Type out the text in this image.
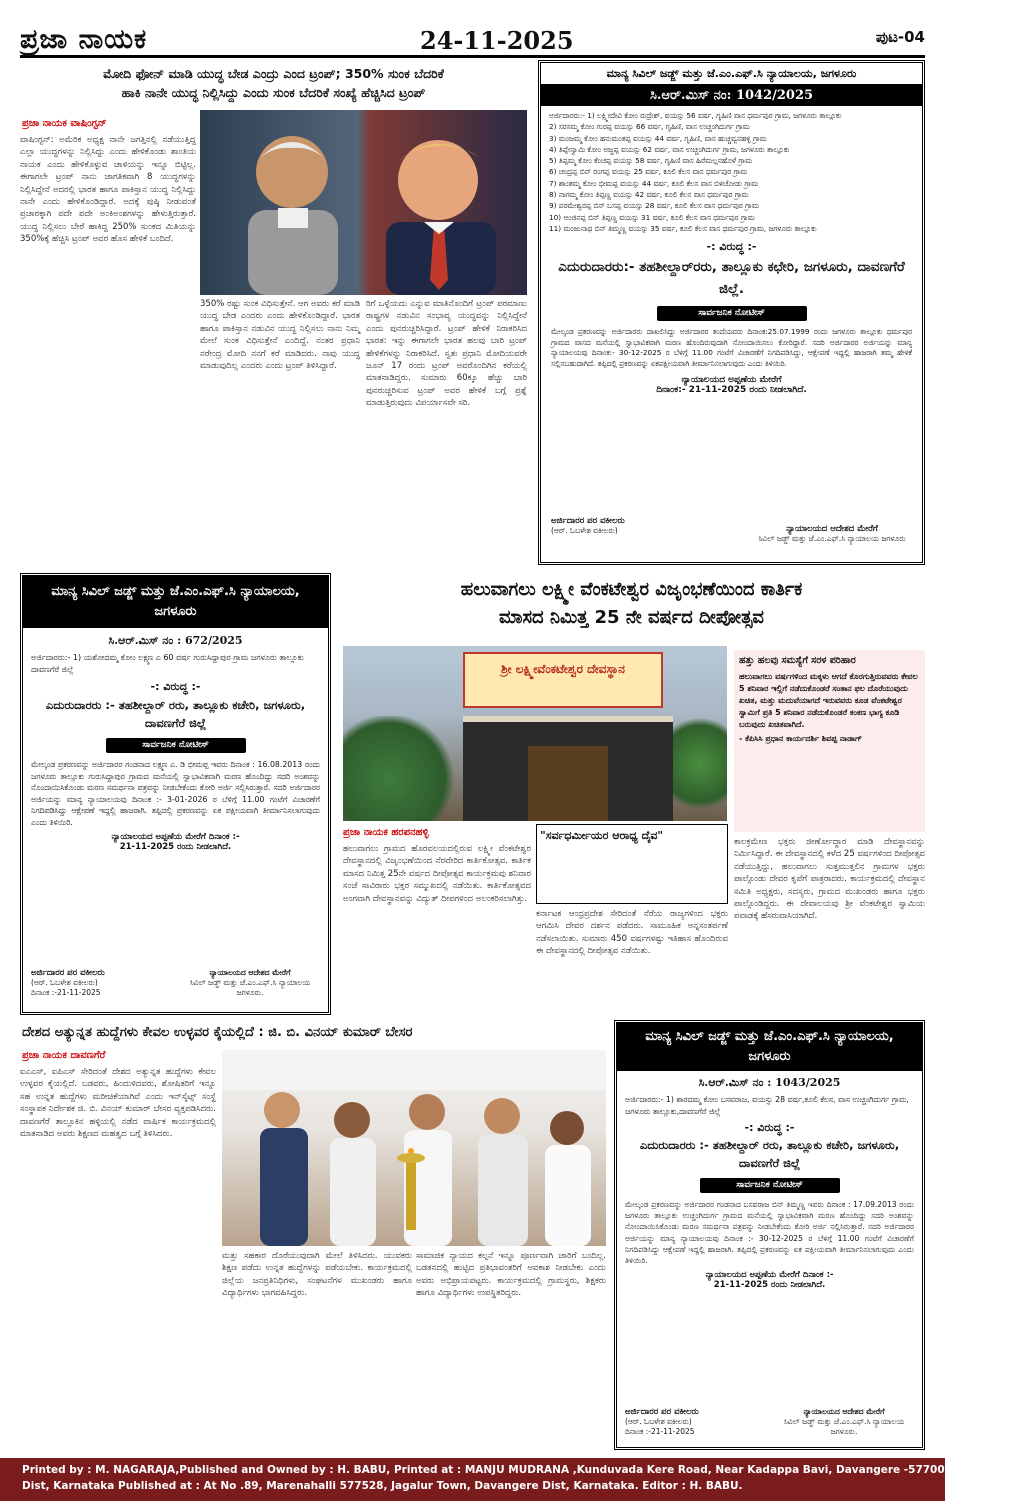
ಪ್ರಜಾ ನಾಯಕ	24-11-2025	ಪುಟ-04
ಮೋದಿ ಫೋನ್ ಮಾಡಿ ಯುದ್ಧ ಬೇಡ ಎಂದ್ರು ಎಂದ ಟ್ರಂಪ್; 350% ಸುಂಕ ಬೆದರಿಕೆ
ಹಾಕಿ ನಾನೇ ಯುದ್ಧ ನಿಲ್ಲಿಸಿದ್ದು ಎಂದು ಸುಂಕ ಬೆದರಿಕೆ ಸಂಖ್ಯೆ ಹೆಚ್ಚಿಸಿದ ಟ್ರಂಪ್
ಪ್ರಜಾ ನಾಯಕ ವಾಷಿಂಗ್ಟನ್
ವಾಷಿಂಗ್ಟನ್: ಅಮೆರಿಕ ಅಧ್ಯಕ್ಷ ನಾನೇ ಜಗತ್ತಿನಲ್ಲಿ ನಡೆಯುತ್ತಿದ್ದ ಎಲ್ಲಾ ಯುದ್ಧಗಳನ್ನು ನಿಲ್ಲಿಸಿದ್ದು ಎಂದು ಹೇಳಿಕೊಂಡು ಶಾಂತಿಯ ನಾಯಕ ಎಂದು ಹೇಳಿಕೊಳ್ಳುವ ಚಾಳಿಯನ್ನು ಇನ್ನೂ ಬಿಟ್ಟಿಲ್ಲ. ಈಗಾಗಲೇ ಟ್ರಂಪ್ ನಾನು ಜಾಗತಿಕವಾಗಿ 8 ಯುದ್ಧಗಳನ್ನು ನಿಲ್ಲಿಸಿದ್ದೇನೆ ಅದರಲ್ಲಿ ಭಾರತ ಹಾಗೂ ಪಾಕಿಸ್ತಾನ ಯುದ್ಧ ನಿಲ್ಲಿಸಿದ್ದು ನಾನೇ ಎಂದು ಹೇಳಿಕೊಂಡಿದ್ದಾರೆ. ಅದಕ್ಕೆ ಪುಷ್ಠಿ ನೀಡುವಂತೆ ಪ್ರಚಾರಕ್ಕಾಗಿ ಪದೇ ಪದೇ ಅಂಕಿಅಂಶಗಳನ್ನು ಹೇಳುತ್ತಿರುತ್ತಾರೆ. ಯುದ್ಧ ನಿಲ್ಲಿಸಲು ಬೇರೆ ಹಾಕಿದ್ದ 250% ಸುಂಕದ ಮಿತಿಯನ್ನು 350%ಕ್ಕೆ ಹೆಚ್ಚಿಸಿ ಟ್ರಂಪ್ ಅವರ ಹೊಸ ಹೇಳಿಕೆ ಬಂದಿದೆ.
350% ರಷ್ಟು ಸುಂಕ ವಿಧಿಸುತ್ತೇನೆ. ಆಗ ಅವರು ಕರೆ ಮಾಡಿ ಯುದ್ಧ ಬೇಡ ಎಂದರು ಎಂದು ಹೇಳಿಕೊಂಡಿದ್ದಾರೆ. ಭಾರತ ಹಾಗೂ ಪಾಕಿಸ್ತಾನ ನಡುವಿನ ಯುದ್ಧ ನಿಲ್ಲಿಸಲು ನಾನು ನಿಮ್ಮ ಮೇಲೆ ಸುಂಕ ವಿಧಿಸುತ್ತೇನೆ ಎಂದಿದ್ದೆ. ನಂತರ ಪ್ರಧಾನಿ ನರೇಂದ್ರ ಮೋದಿ ನನಗೆ ಕರೆ ಮಾಡಿದರು. ನಾವು ಯುದ್ಧ ಮಾಡುವುದಿಲ್ಲ ಎಂದರು ಎಂದು ಟ್ರಂಪ್ ತಿಳಿಸಿದ್ದಾರೆ.
ರಿಗೆ ಒಳ್ಳೆಯದು ಎನ್ನುವ ಮಾತಿನೊಂದಿಗೆ ಟ್ರಂಪ್ ಪರಮಾಣು ರಾಷ್ಟ್ರಗಳ ನಡುವಿನ ಸಂಭಾವ್ಯ ಯುದ್ಧವನ್ನು ನಿಲ್ಲಿಸಿದ್ದೇನೆ ಎಂದು ಪುನರುಚ್ಚರಿಸಿದ್ದಾರೆ. ಟ್ರಂಪ್ ಹೇಳಿಕೆ ನಿರಾಕರಿಸಿದ ಭಾರತ: ಇನ್ನು ಈಗಾಗಲೇ ಭಾರತ ಹಲವು ಬಾರಿ ಟ್ರಂಪ್ ಹೇಳಿಕೆಗಳನ್ನು ನಿರಾಕರಿಸಿದೆ. ಸ್ವತಃ ಪ್ರಧಾನಿ ಮೋದಿಯವರೇ ಜೂನ್ 17 ರಂದು ಟ್ರಂಪ್ ಅವರೊಂದಿಗಿನ ಕರೆಯಲ್ಲಿ ಮಾತನಾಡಿದ್ದರು. ಸುಮಾರು 60ಕ್ಕೂ ಹೆಚ್ಚು ಬಾರಿ ಪುನರುಚ್ಚರಿಸುವ ಟ್ರಂಪ್ ಅವರ ಹೇಳಿಕೆ ಬಗ್ಗೆ ಪ್ರಶ್ನೆ ಮಾಡುತ್ತಿರುವುದು ವಿಪರ್ಯಾಸವೇ ಸರಿ.
ಮಾನ್ಯ ಸಿವಿಲ್ ಜಡ್ಜ್ ಮತ್ತು ಜೆ.ಎಂ.ಎಫ್.ಸಿ ನ್ಯಾಯಾಲಯ, ಜಗಳೂರು
ಸಿ.ಆರ್.ಮಿಸ್ ನಂ: 1042/2025
ಅರ್ಜಿದಾರರು:- 1) ಲಕ್ಷ್ಮೀದೇವಿ ಕೋಂ ರುದ್ರೇಶ್, ವಯಸ್ಸು 56 ವರ್ಷ, ಗೃಹಿಣಿ ವಾಸ ಧರ್ಮಪುರ ಗ್ರಾಮ, ಜಗಳೂರು ತಾಲ್ಲೂಕು
2) ಸರಸಮ್ಮ ಕೋಂ ಗುರಪ್ಪ ವಯಸ್ಸು 66 ವರ್ಷ, ಗೃಹಿಣಿ, ವಾಸ ಉಚ್ಚಂಗಿದುರ್ಗ ಗ್ರಾಮ
3) ಮಂಜಮ್ಮ ಕೋಂ ಹನುಮಂತಪ್ಪ ವಯಸ್ಸು 44 ವರ್ಷ, ಗೃಹಿಣಿ, ವಾಸ ಹುಚ್ಚವ್ವನಹಳ್ಳಿ ಗ್ರಾಮ
4) ತಿಪ್ಪೇಸ್ವಾಮಿ ಕೋಂ ಅಜ್ಜಪ್ಪ ವಯಸ್ಸು 62 ವರ್ಷ, ವಾಸ ಉಚ್ಚಂಗಿದುರ್ಗ ಗ್ರಾಮ, ಜಗಳೂರು ತಾಲ್ಲೂಕು
5) ತಿಪ್ಪಮ್ಮ ಕೋಂ ಕೆಂಚಪ್ಪ ವಯಸ್ಸು 58 ವರ್ಷ, ಗೃಹಿಣಿ ವಾಸ ಹಿರೆಮಲ್ಲನಹೊಳೆ ಗ್ರಾಮ
6) ಚಂದ್ರಪ್ಪ ಬಿನ್ ರಂಗಪ್ಪ ವಯಸ್ಸು 25 ವರ್ಷ, ಕೂಲಿ ಕೆಲಸ ವಾಸ ಧರ್ಮಪುರ ಗ್ರಾಮ
7) ಶಾಂತಮ್ಮ ಕೋಂ ಭೀಮಪ್ಪ ವಯಸ್ಸು 44 ವರ್ಷ, ಕೂಲಿ ಕೆಲಸ ವಾಸ ಬಿಳಿಚೋಡು ಗ್ರಾಮ
8) ನಾಗಮ್ಮ ಕೋಂ ತಿಪ್ಪಣ್ಣ ವಯಸ್ಸು 42 ವರ್ಷ, ಕೂಲಿ ಕೆಲಸ ವಾಸ ಧರ್ಮಪುರ ಗ್ರಾಮ
9) ಪರಮೇಶ್ವರಪ್ಪ ಬಿನ್ ಬಸಪ್ಪ ವಯಸ್ಸು 28 ವರ್ಷ, ಕೂಲಿ ಕೆಲಸ ವಾಸ ಧರ್ಮಪುರ ಗ್ರಾಮ
10) ಅಂಜಿನಪ್ಪ ಬಿನ್ ತಿಪ್ಪಣ್ಣ ವಯಸ್ಸು 31 ವರ್ಷ, ಕೂಲಿ ಕೆಲಸ ವಾಸ ಧರ್ಮಪುರ ಗ್ರಾಮ
11) ಮಂಜುನಾಥ ಬಿನ್ ತಿಮ್ಮಣ್ಣ ವಯಸ್ಸು 35 ವರ್ಷ, ಕೂಲಿ ಕೆಲಸ ವಾಸ ಧರ್ಮಪುರ ಗ್ರಾಮ, ಜಗಳೂರು ತಾಲ್ಲೂಕು
-: ವಿರುದ್ಧ :-
ಎದುರುದಾರರು:- ತಹಶೀಲ್ದಾರ್‌ರರು, ತಾಲ್ಲೂಕು ಕಛೇರಿ, ಜಗಳೂರು, ದಾವಣಗೆರೆ ಜಿಲ್ಲೆ.
ಸಾರ್ವಜನಿಕ ನೋಟೀಸ್
ಮೇಲ್ಕಂಡ ಪ್ರಕರಣವನ್ನು ಅರ್ಜಿದಾರರು ದಾಖಲಿಸಿದ್ದು ಅರ್ಜಿದಾರರ ತಂದೆಯವರು ದಿನಾಂಕ:25.07.1999 ರಂದು ಜಗಳೂರು ತಾಲ್ಲೂಕು ಧರ್ಮಪುರ ಗ್ರಾಮದ ವಾಸದ ಮನೆಯಲ್ಲಿ ಸ್ವಾಭಾವಿಕವಾಗಿ ಮರಣ ಹೊಂದಿರುವುದಾಗಿ ನೋಂದಾಯಿಸಲು ಕೋರಿದ್ದಾರೆ. ಸದರಿ ಅರ್ಜಿದಾರರ ಅರ್ಜಿಯನ್ನು ಮಾನ್ಯ ನ್ಯಾಯಾಲಯವು ದಿನಾಂಕ:- 30-12-2025 ರ ಬೆಳಿಗ್ಗೆ 11.00 ಗಂಟೆಗೆ ವಿಚಾರಣೆಗೆ ನಿಗದಿಪಡಿಸಿದ್ದು, ಆಕ್ಷೇಪಣೆ ಇದ್ದಲ್ಲಿ ಹಾಜರಾಗಿ ತಮ್ಮ ಹೇಳಿಕೆ ಸಲ್ಲಿಸಬಹುದಾಗಿದೆ. ತಪ್ಪಿದಲ್ಲಿ ಪ್ರಕರಣವನ್ನು ಏಕಪಕ್ಷೀಯವಾಗಿ ತೀರ್ಮಾನಿಸಲಾಗುವುದು ಎಂದು ತಿಳಿಯಿರಿ.
ನ್ಯಾಯಾಲಯದ ಅಪ್ಪಣೆಯ ಮೇರೆಗೆ
ದಿನಾಂಕ:- 21-11-2025 ರಂದು ನೀಡಲಾಗಿದೆ.
ಅರ್ಜಿದಾರರ ಪರ ವಕೀಲರು
(ಆರ್. ಓಬಳೇಶ ವಕೀಲರು)	ನ್ಯಾಯಾಲಯದ ಆದೇಶದ ಮೇರೆಗೆ
ಸಿವಿಲ್ ಜಡ್ಜ್ ಮತ್ತು ಜೆ.ಎಂ.ಎಫ್.ಸಿ ನ್ಯಾಯಾಲಯ ಜಗಳೂರು
ಮಾನ್ಯ ಸಿವಿಲ್ ಜಡ್ಜ್ ಮತ್ತು ಜೆ.ಎಂ.ಎಫ್.ಸಿ ನ್ಯಾಯಾಲಯ, ಜಗಳೂರು
ಸಿ.ಆರ್.ಮಿಸ್ ನಂ : 672/2025
ಅರ್ಜಿದಾರರು:- 1) ಯಶೋದಮ್ಮ ಕೋಂ ಲಕ್ಷ್ಮಣ ಎ 60 ವರ್ಷ ಗುರುಸಿದ್ದಾಪುರ ಗ್ರಾಮ ಜಗಳೂರು ತಾಲ್ಲೂಕು ದಾವಣಗೆರೆ ಜಿಲ್ಲೆ
-: ವಿರುದ್ಧ :-
ಎದುರುದಾರರು :- ತಹಶೀಲ್ದಾರ್ ರರು, ತಾಲ್ಲೂಕು ಕಚೇರಿ, ಜಗಳೂರು, ದಾವಣಗೆರೆ ಜಿಲ್ಲೆ
ಸಾರ್ವಜನಿಕ ನೋಟೀಸ್
ಮೇಲ್ಕಂಡ ಪ್ರಕರಣವನ್ನು ಅರ್ಜಿದಾರರ ಗಂಡನಾದ ಲಕ್ಷ್ಮಣ ಎ. ಡಿ ಭೀಮಪ್ಪ ಇವರು ದಿನಾಂಕ : 16.08.2013 ರಂದು ಜಗಳೂರು ತಾಲ್ಲೂಕು ಗುರುಸಿದ್ದಾಪುರ ಗ್ರಾಮದ ಮನೆಯಲ್ಲಿ ಸ್ವಾಭಾವಿಕವಾಗಿ ಮರಣ ಹೊಂದಿದ್ದು ಸದರಿ ಅಂಶವನ್ನು ನೊಂದಾಯಿಸಿಕೊಂಡು ಮರಣ ಸಮರ್ಥನಾ ಪತ್ರವನ್ನು ನೀಡಬೇಕೆಂದು ಕೋರಿ ಅರ್ಜಿ ಸಲ್ಲಿಸಿರುತ್ತಾರೆ. ಸದರಿ ಅರ್ಜಿದಾರರ ಅರ್ಜಿಯನ್ನು ಮಾನ್ಯ ನ್ಯಾಯಾಲಯವು ದಿನಾಂಕ :- 3-01-2026 ರ ಬೆಳಿಗ್ಗೆ 11.00 ಗಂಟೆಗೆ ವಿಚಾರಣೆಗೆ ನಿಗದಿಪಡಿಸಿದ್ದು ಆಕ್ಷೇಪಣೆ ಇದ್ದಲ್ಲಿ ಹಾಜರಾಗಿ. ತಪ್ಪಿದಲ್ಲಿ ಪ್ರಕರಣವನ್ನು ಏಕ ಪಕ್ಷೀಯವಾಗಿ ತೀರ್ಮಾನಿಸಲಾಗುವುದು ಎಂದು ತಿಳಿಯಿರಿ.
ನ್ಯಾಯಾಲಯದ ಅಪ್ಪಣೆಯ ಮೇರೆಗೆ ದಿನಾಂಕ :-
21-11-2025 ರಂದು ನೀಡಲಾಗಿದೆ.
ಅರ್ಜಿದಾರರ ಪರ ವಕೀಲರು
(ಆರ್. ಓಬಳೇಶ ವಕೀಲರು)
ದಿನಾಂಕ :-21-11-2025
ನ್ಯಾಯಾಲಯದ ಆದೇಶದ ಮೇರೆಗೆ
ಸಿವಿಲ್ ಜಡ್ಜ್ ಮತ್ತು ಜೆ.ಎಂ.ಎಫ್.ಸಿ ನ್ಯಾಯಾಲಯ ಜಗಳೂರು.
ಹಲುವಾಗಲು ಲಕ್ಷ್ಮೀ ವೆಂಕಟೇಶ್ವರ ವಿಜೃಂಭಣೆಯಿಂದ ಕಾರ್ತಿಕ
ಮಾಸದ ನಿಮಿತ್ತ 25 ನೇ ವರ್ಷದ ದೀಪೋತ್ಸವ
ಶ್ರೀ ಲಕ್ಷ್ಮೀವೆಂಕಟೇಶ್ವರ ದೇವಸ್ಥಾನ
ಪ್ರಜಾ ನಾಯಕ ಹರಪನಹಳ್ಳಿ
ಹಲುವಾಗಲು ಗ್ರಾಮದ ಹೊರವಲಯದಲ್ಲಿರುವ ಲಕ್ಷ್ಮೀ ವೆಂಕಟೇಶ್ವರ ದೇವಸ್ಥಾನದಲ್ಲಿ ವಿಜೃಂಭಣೆಯಿಂದ ನೆರವೇರಿದ ಕಾರ್ತಿಕೋತ್ಸವ. ಕಾರ್ತಿಕ ಮಾಸದ ನಿಮಿತ್ತ 25ನೇ ವರ್ಷದ ದೀಪೋತ್ಸವ ಕಾರ್ಯಕ್ರಮವು ಶನಿವಾರ ಸಂಜೆ ಸಾವಿರಾರು ಭಕ್ತರ ಸಮ್ಮುಖದಲ್ಲಿ ನಡೆಯಿತು. ಕಾರ್ತಿಕೋತ್ಸವದ ಅಂಗವಾಗಿ ದೇವಸ್ಥಾನವನ್ನು ವಿದ್ಯುತ್ ದೀಪಗಳಿಂದ ಅಲಂಕರಿಸಲಾಗಿತ್ತು.
"ಸರ್ವಧರ್ಮೀಯರ ಆರಾಧ್ಯ ದೈವ"
ಕರ್ನಾಟಕ ಆಂಧ್ರಪ್ರದೇಶ ಸೇರಿದಂತೆ ನೆರೆಯ ರಾಜ್ಯಗಳಿಂದ ಭಕ್ತರು ಆಗಮಿಸಿ ದೇವರ ದರ್ಶನ ಪಡೆದರು. ಸಾಮೂಹಿಕ ಅನ್ನಸಂತರ್ಪಣೆ ನಡೆಸಲಾಯಿತು. ಸುಮಾರು 450 ವರ್ಷಗಳಷ್ಟು ಇತಿಹಾಸ ಹೊಂದಿರುವ ಈ ದೇವಸ್ಥಾನದಲ್ಲಿ ದೀಪೋತ್ಸವ ನಡೆಯಿತು.
ಹತ್ತು ಹಲವು ಸಮಸ್ಯೆಗೆ ಸರಳ ಪರಿಹಾರ
ಹಲುವಾಗಲು ವರ್ಷಗಳಿಂದ ಮಕ್ಕಳು ಆಗದೆ ಕೊರಗುತ್ತಿರುವವರು ಕೇವಲ 5 ಶನಿವಾರ ಇಲ್ಲಿಗೆ ನಡೆದುಕೊಂಡರೆ ಸಂತಾನ ಫಲ ದೊರೆಯುವುದು ಖಚಿತ, ಮತ್ತು ಮದುವೆಯಾಗದೆ ಇರುವವರು ಕೂಡ ವೆಂಕಟೇಶ್ವರ ಸ್ವಾಮಿಗೆ ಪ್ರತಿ 5 ಶನಿವಾರ ನಡೆದುಕೊಂಡರೆ ಕಂಕಣ ಭಾಗ್ಯ ಕೂಡಿ ಬರುವುದು ಖಚಿತವಾಗಿದೆ.
- ಕೆಪಿಸಿಸಿ ಪ್ರಧಾನ ಕಾರ್ಯದರ್ಶಿ ಶಿವಪ್ಪ ನಾಡಾಗ್
ಕಾಲಕ್ರಮೇಣ ಭಕ್ತರು ಜೀರ್ಣೋದ್ಧಾರ ಮಾಡಿ ದೇವಸ್ಥಾನವನ್ನು ನಿರ್ಮಿಸಿದ್ದಾರೆ. ಈ ದೇವಸ್ಥಾನದಲ್ಲಿ ಕಳೆದ 25 ವರ್ಷಗಳಿಂದ ದೀಪೋತ್ಸವ ನಡೆಯುತ್ತಿದ್ದು, ಹಲುವಾಗಲು ಸುತ್ತಮುತ್ತಲಿನ ಗ್ರಾಮಗಳ ಭಕ್ತರು ಪಾಲ್ಗೊಂಡು ದೇವರ ಕೃಪೆಗೆ ಪಾತ್ರರಾದರು. ಕಾರ್ಯಕ್ರಮದಲ್ಲಿ ದೇವಸ್ಥಾನ ಸಮಿತಿ ಅಧ್ಯಕ್ಷರು, ಸದಸ್ಯರು, ಗ್ರಾಮದ ಮುಖಂಡರು ಹಾಗೂ ಭಕ್ತರು ಪಾಲ್ಗೊಂಡಿದ್ದರು. ಈ ದೇವಾಲಯವು ಶ್ರೀ ವೆಂಕಟೇಶ್ವರ ಸ್ವಾಮಿಯ ಪವಾಡಕ್ಕೆ ಹೆಸರುವಾಸಿಯಾಗಿದೆ.
ದೇಶದ ಅತ್ಯುನ್ನತ ಹುದ್ದೆಗಳು ಕೇವಲ ಉಳ್ಳವರ ಕೈಯಲ್ಲಿದೆ : ಜಿ. ಬಿ. ವಿನಯ್ ಕುಮಾರ್ ಬೇಸರ
ಪ್ರಜಾ ನಾಯಕ ದಾವಣಗೆರೆ
ಐಎಎಸ್, ಐಪಿಎಸ್ ಸೇರಿದಂತೆ ದೇಶದ ಅತ್ಯುನ್ನತ ಹುದ್ದೆಗಳು ಕೇವಲ ಉಳ್ಳವರ ಕೈಯಲ್ಲಿದೆ. ಬಡವರು, ಹಿಂದುಳಿದವರು, ಶೋಷಿತರಿಗೆ ಇನ್ನೂ ಸಹ ಉನ್ನತ ಹುದ್ದೆಗಳು ಮರೀಚಿಕೆಯಾಗಿವೆ ಎಂದು ಇನ್‌ಸೈಟ್ಸ್ ಸಂಸ್ಥೆ ಸಂಸ್ಥಾಪಕ ನಿರ್ದೇಶಕ ಜಿ. ಬಿ. ವಿನಯ್ ಕುಮಾರ್ ಬೇಸರ ವ್ಯಕ್ತಪಡಿಸಿದರು. ದಾವಣಗೆರೆ ತಾಲ್ಲೂಕಿನ ಹಳ್ಳಿಯಲ್ಲಿ ನಡೆದ ವಾರ್ಷಿಕ ಕಾರ್ಯಕ್ರಮದಲ್ಲಿ ಮಾತನಾಡಿದ ಅವರು ಶಿಕ್ಷಣದ ಮಹತ್ವದ ಬಗ್ಗೆ ತಿಳಿಸಿದರು.
ಮತ್ತು ಸಹಕಾರ ದೊರೆಯುವುದಾಗಿ ಮೇಲೆ ತಿಳಿಸಿದರು. ಯುವಕರು ಶಿಕ್ಷಣ ಪಡೆದು ಉನ್ನತ ಹುದ್ದೆಗಳನ್ನು ಪಡೆಯಬೇಕು. ಕಾರ್ಯಕ್ರಮದಲ್ಲಿ ಜಿಲ್ಲೆಯ ಜನಪ್ರತಿನಿಧಿಗಳು, ಸಂಘಟನೆಗಳ ಮುಖಂಡರು ಹಾಗೂ ವಿದ್ಯಾರ್ಥಿಗಳು ಭಾಗವಹಿಸಿದ್ದರು.
ಸಾಮಾಜಿಕ ನ್ಯಾಯದ ಕಲ್ಪನೆ ಇನ್ನೂ ಪೂರ್ಣವಾಗಿ ಜಾರಿಗೆ ಬಂದಿಲ್ಲ. ಬಡತನದಲ್ಲಿ ಹುಟ್ಟಿದ ಪ್ರತಿಭಾವಂತರಿಗೆ ಅವಕಾಶ ನೀಡಬೇಕು ಎಂದು ಅವರು ಅಭಿಪ್ರಾಯಪಟ್ಟರು. ಕಾರ್ಯಕ್ರಮದಲ್ಲಿ ಗ್ರಾಮಸ್ಥರು, ಶಿಕ್ಷಕರು ಹಾಗೂ ವಿದ್ಯಾರ್ಥಿಗಳು ಉಪಸ್ಥಿತರಿದ್ದರು.
ಮಾನ್ಯ ಸಿವಿಲ್ ಜಡ್ಜ್ ಮತ್ತು ಜೆ.ಎಂ.ಎಫ್.ಸಿ ನ್ಯಾಯಾಲಯ, ಜಗಳೂರು
ಸಿ.ಆರ್.ಮಿಸ್ ನಂ : 1043/2025
ಅರ್ಜಿದಾರರು:- 1) ಶಾರದಮ್ಮ ಕೋಂ ಬಸವರಾಜ, ವಯಸ್ಸು 28 ವರ್ಷ,ಕೂಲಿ ಕೆಲಸ, ವಾಸ ಉಚ್ಚಂಗಿದುರ್ಗ ಗ್ರಾಮ, ಜಗಳೂರು ತಾಲ್ಲೂಕು,ದಾವಣಗೆರೆ ಜಿಲ್ಲೆ
-: ವಿರುದ್ಧ :-
ಎದುರುದಾರರು :- ತಹಶೀಲ್ದಾರ್ ರರು, ತಾಲ್ಲೂಕು ಕಚೇರಿ, ಜಗಳೂರು, ದಾವಣಗೆರೆ ಜಿಲ್ಲೆ
ಸಾರ್ವಜನಿಕ ನೋಟೀಸ್
ಮೇಲ್ಕಂಡ ಪ್ರಕರಣವನ್ನು ಅರ್ಜಿದಾರರ ಗಂಡನಾದ ಬಸವರಾಜ ಬಿನ್ ತಿಮ್ಮಣ್ಣ ಇವರು ದಿನಾಂಕ : 17.09.2013 ರಂದು ಜಗಳೂರು ತಾಲ್ಲೂಕು ಉಚ್ಚಂಗಿದುರ್ಗ ಗ್ರಾಮದ ಮನೆಯಲ್ಲಿ ಸ್ವಾಭಾವಿಕವಾಗಿ ಮರಣ ಹೊಂದಿದ್ದು ಸದರಿ ಅಂಶವನ್ನು ನೋಂದಾಯಿಸಿಕೊಂಡು ಮರಣ ಸಮರ್ಥನಾ ಪತ್ರವನ್ನು ನೀಡಬೇಕೆಂದು ಕೋರಿ ಅರ್ಜಿ ಸಲ್ಲಿಸಿರುತ್ತಾರೆ. ಸದರಿ ಅರ್ಜಿದಾರರ ಅರ್ಜಿಯನ್ನು ಮಾನ್ಯ ನ್ಯಾಯಾಲಯವು ದಿನಾಂಕ :- 30-12-2025 ರ ಬೆಳಿಗ್ಗೆ 11.00 ಗಂಟೆಗೆ ವಿಚಾರಣೆಗೆ ನಿಗದಿಪಡಿಸಿದ್ದು ಆಕ್ಷೇಪಣೆ ಇದ್ದಲ್ಲಿ ಹಾಜರಾಗಿ. ತಪ್ಪಿದಲ್ಲಿ ಪ್ರಕರಣವನ್ನು ಏಕ ಪಕ್ಷೀಯವಾಗಿ ತೀರ್ಮಾನಿಸಲಾಗುವುದು ಎಂದು ತಿಳಿಯಿರಿ.
ನ್ಯಾಯಾಲಯದ ಅಪ್ಪಣೆಯ ಮೇರೆಗೆ ದಿನಾಂಕ :-
21-11-2025 ರಂದು ನೀಡಲಾಗಿದೆ.
ಅರ್ಜಿದಾರರ ಪರ ವಕೀಲರು
(ಆರ್. ಓಬಳೇಶ ವಕೀಲರು)
ದಿನಾಂಕ :-21-11-2025
ನ್ಯಾಯಾಲಯದ ಆದೇಶದ ಮೇರೆಗೆ
ಸಿವಿಲ್ ಜಡ್ಜ್ ಮತ್ತು ಜೆ.ಎಂ.ಎಫ್.ಸಿ ನ್ಯಾಯಾಲಯ ಜಗಳೂರು.
Printed by : M. NAGARAJA,Published and Owned by : H. BABU, Printed at : MANJU MUDRANA ,Kunduvada Kere Road, Near Kadappa Bavi, Davangere -577006, Davangere
Dist, Karnataka Published at : At No .89, Marenahalli 577528, Jagalur Town, Davangere Dist, Karnataka. Editor : H. BABU.
